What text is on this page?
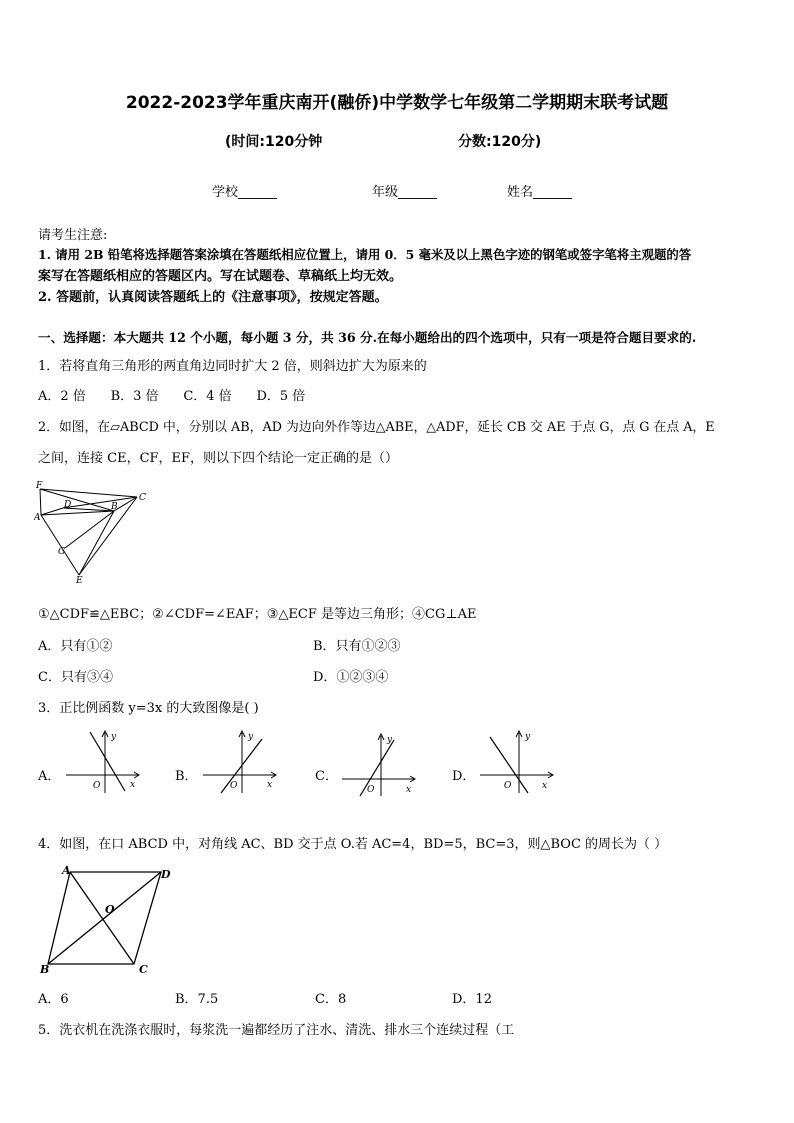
2022-2023学年重庆南开(融侨)中学数学七年级第二学期期末联考试题
(时间:120分钟	分数:120分)
学校______	年级______	姓名______
请考生注意:
1. 请用 2B 铅笔将选择题答案涂填在答题纸相应位置上，请用 0．5 毫米及以上黑色字迹的钢笔或签字笔将主观题的答
案写在答题纸相应的答题区内。写在试题卷、草稿纸上均无效。
2. 答题前，认真阅读答题纸上的《注意事项》，按规定答题。
一、选择题：本大题共 12 个小题，每小题 3 分，共 36 分.在每小题给出的四个选项中，只有一项是符合题目要求的.
1．若将直角三角形的两直角边同时扩大 2 倍，则斜边扩大为原来的
A．2 倍      B．3 倍      C．4 倍      D．5 倍
2．如图，在▱ABCD 中，分别以 AB，AD 为边向外作等边△ABE，△ADF，延长 CB 交 AE 于点 G，点 G 在点 A，E
之间，连接 CE，CF，EF，则以下四个结论一定正确的是（）
F
D
C
A
B
G
E
①△CDF≌△EBC；②∠CDF=∠EAF；③△ECF 是等边三角形；④CG⊥AE
A．只有①②	B．只有①②③
C．只有③④	D．①②③④
3．正比例函数 y=3x 的大致图像是( )
A．
y
x
O
B．
y
x
O
C．
y
x
O
D．
y
x
O
4．如图，在口 ABCD 中，对角线 AC、BD 交于点 O.若 AC=4，BD=5，BC=3，则△BOC 的周长为（ ）
A	D
O
B	C
A．6	B．7.5	C．8	D．12
5．洗衣机在洗涤衣服时，每浆洗一遍都经历了注水、清洗、排水三个连续过程（工
